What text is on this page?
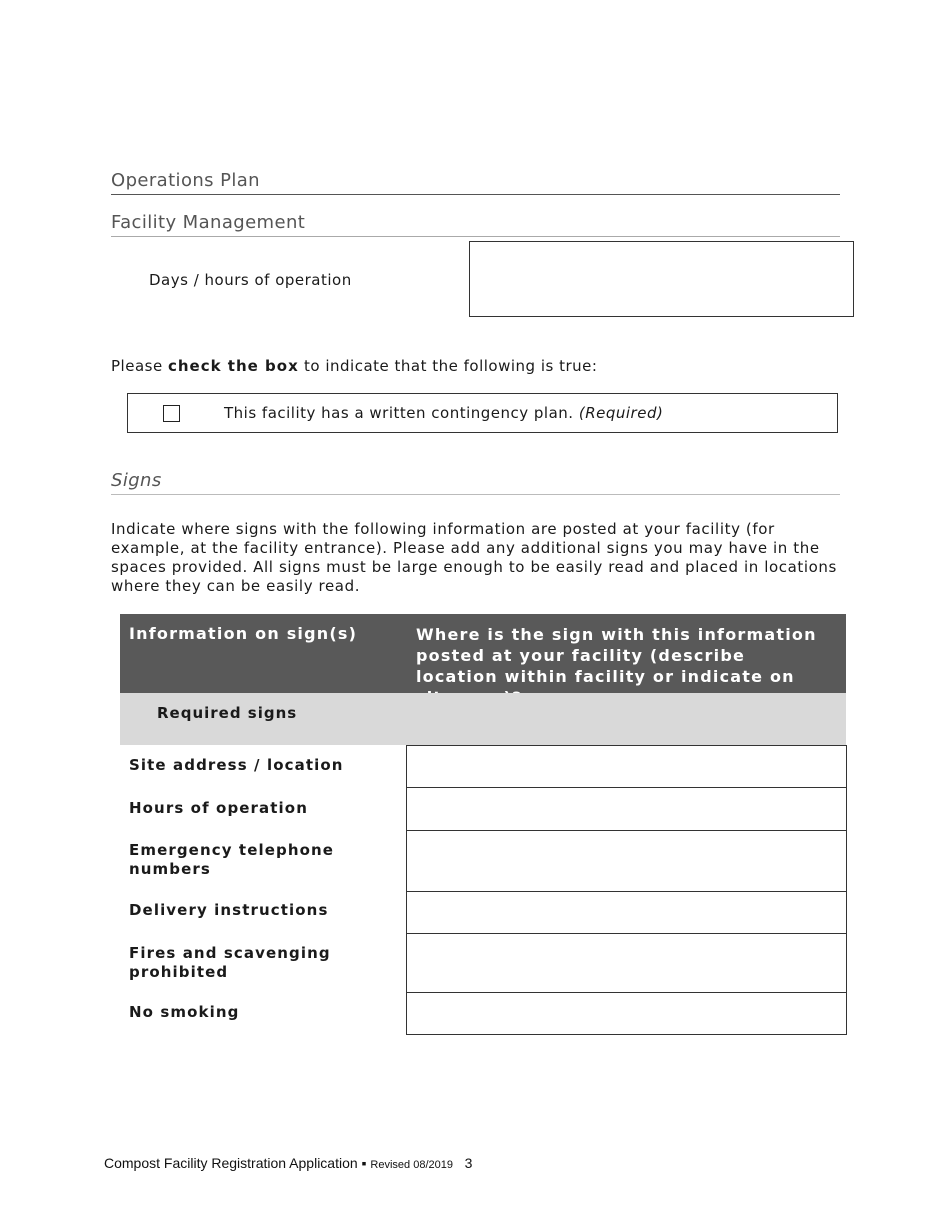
Operations Plan
Facility Management
Days / hours of operation
Please check the box to indicate that the following is true:
This facility has a written contingency plan. (Required)
Signs
Indicate where signs with the following information are posted at your facility (for example, at the facility entrance). Please add any additional signs you may have in the spaces provided. All signs must be large enough to be easily read and placed in locations where they can be easily read.
Information on sign(s)	Where is the sign with this information posted at your facility (describe location within facility or indicate on
Required signs
Site address / location
Hours of operation
Emergency telephone numbers
Delivery instructions
Fires and scavenging prohibited
No smoking
Compost Facility Registration Application ▪ Revised 08/2019 3
